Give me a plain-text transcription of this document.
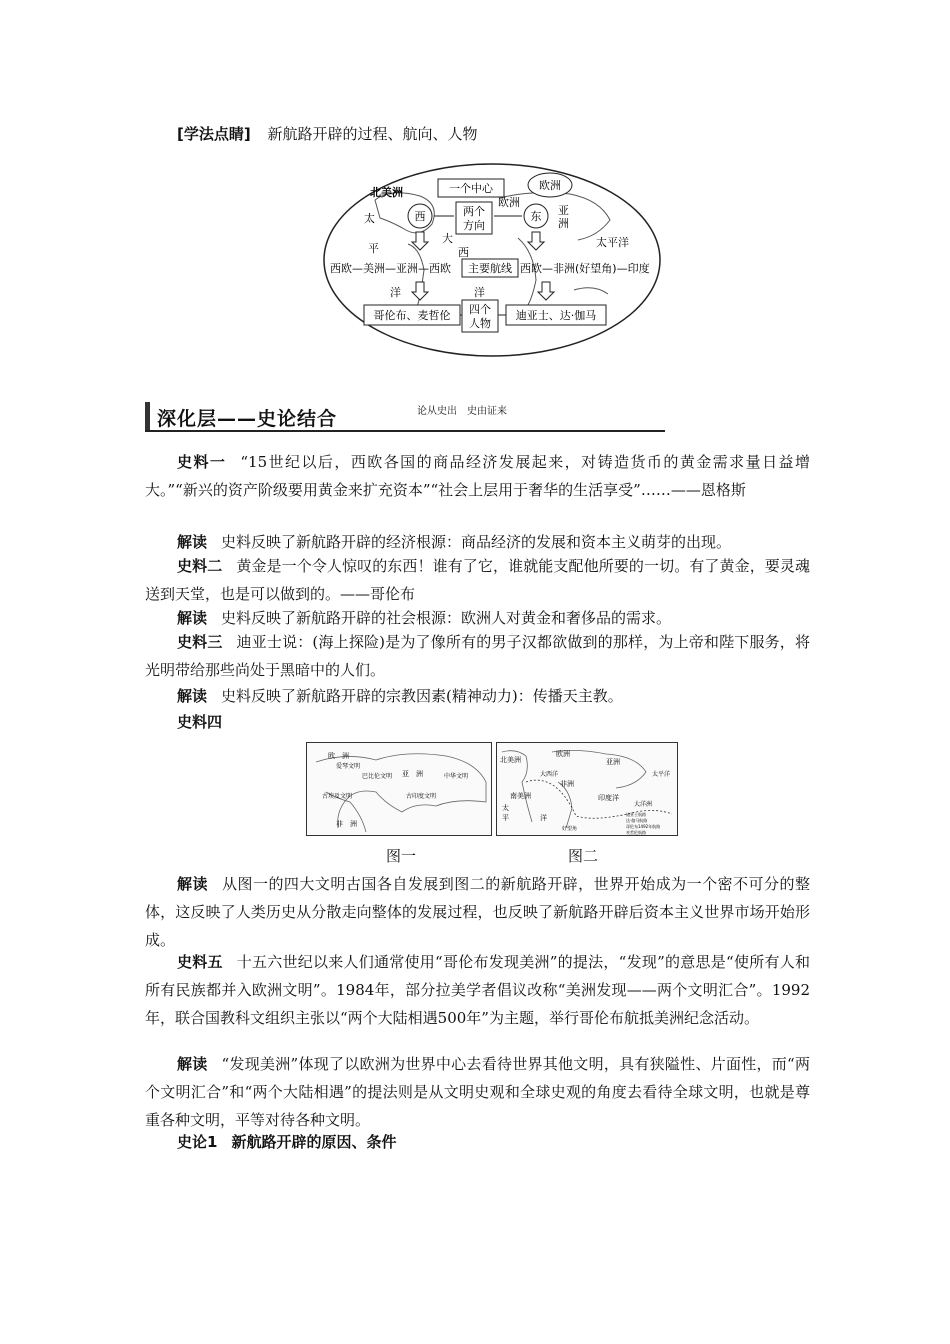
[学法点睛] 新航路开辟的过程、航向、人物
北美洲	一个中心	欧洲
太	西	两个
方向
欧洲
东 亚
洲
平
大
西
太平洋
西欧—美洲—亚洲—西欧 主要航线 西欧—非洲(好望角)—印度
洋	洋
哥伦布、麦哲伦 四个
人物
迪亚士、达·伽马
深化层——史论结合	论从史出　史由证来
史料一 “15世纪以后，西欧各国的商品经济发展起来，对铸造货币的黄金需求量日益增大。”“新兴的资产阶级要用黄金来扩充资本”“社会上层用于奢华的生活享受”……——恩格斯
解读 史料反映了新航路开辟的经济根源：商品经济的发展和资本主义萌芽的出现。
史料二 黄金是一个令人惊叹的东西！谁有了它，谁就能支配他所要的一切。有了黄金，要灵魂送到天堂，也是可以做到的。——哥伦布
解读 史料反映了新航路开辟的社会根源：欧洲人对黄金和奢侈品的需求。
史料三 迪亚士说：(海上探险)是为了像所有的男子汉都欲做到的那样，为上帝和陛下服务，将光明带给那些尚处于黑暗中的人们。
解读 史料反映了新航路开辟的宗教因素(精神动力)：传播天主教。
史料四
欧　洲
爱琴文明
巴比伦文明 亚　洲	中华文明
古埃及文明	古印度文明
非　洲
北美洲
欧洲
亚洲
非洲
南美洲
大西洋
印度洋
太平洋
大洋洲
太
平	洋
好望角
迪亚士航路
达·伽马航路
哥伦布1492年航路
麦哲伦航路
图一	图二
解读 从图一的四大文明古国各自发展到图二的新航路开辟，世界开始成为一个密不可分的整体，这反映了人类历史从分散走向整体的发展过程，也反映了新航路开辟后资本主义世界市场开始形成。
史料五 十五六世纪以来人们通常使用“哥伦布发现美洲”的提法，“发现”的意思是“使所有人和所有民族都并入欧洲文明”。1984年，部分拉美学者倡议改称“美洲发现——两个文明汇合”。1992年，联合国教科文组织主张以“两个大陆相遇500年”为主题，举行哥伦布航抵美洲纪念活动。
解读 “发现美洲”体现了以欧洲为世界中心去看待世界其他文明，具有狭隘性、片面性，而“两个文明汇合”和“两个大陆相遇”的提法则是从文明史观和全球史观的角度去看待全球文明，也就是尊重各种文明，平等对待各种文明。
史论1 新航路开辟的原因、条件
